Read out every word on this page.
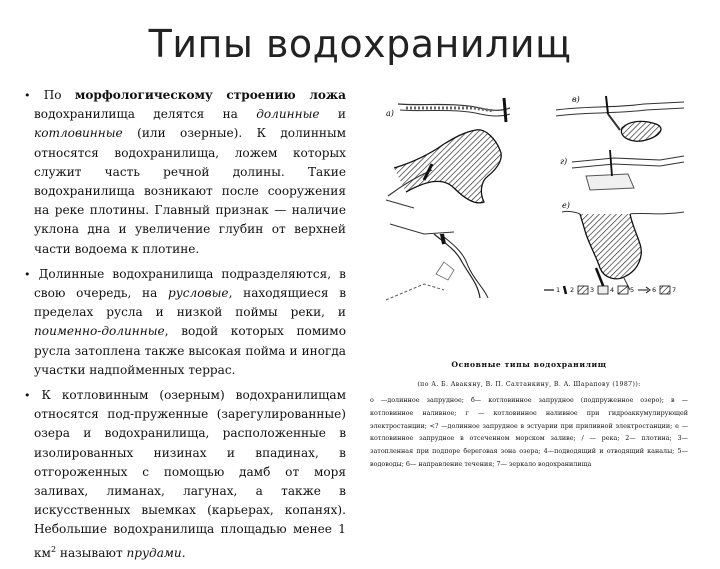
Типы водохранилищ

• По морфологическому строению ложа водохранилища делятся на долинные и котловинные (или озерные). К долинным относятся водохранилища, ложем которых служит часть речной долины. Такие водохранилища возникают после сооружения на реке плотины. Главный признак — наличие уклона дна и увеличение глубин от верхней части водоема к плотине.

• Долинные водохранилища подразделяются, в свою очередь, на русловые, находящиеся в пределах русла и низкой поймы реки, и поименно-долинные, водой которых помимо русла затоплена также высокая пойма и иногда участки надпойменных террас.

• К котловинным (озерным) водохранилищам относятся под-пруженные (зарегулированные) озера и водохранилища, расположенные в изолированных низинах и впадинах, в отгороженных с помощью дамб от моря заливах, лиманах, лагунах, а также в искусственных выемках (карьерах, копанях). Небольшие водохранилища площадью менее 1 $км^2$ называют прудами.

а)
в)
г)
е)
1 2 3 4 5	6 7
Основные типы водохранилищ
(по А. Б. Авакяну, В. П. Салтанкину, В. А. Шарапову (1987)):
о —долинное запрудное; б— котловинное запрудное (подпруженное озеро); в — котловинное наливное; г — котловинное наливное при гидроаккумулирующей электростанции; <? —долинное запрудное в эстуарии при приливной электростанции; е — котловинное запрудное в отсеченном морском заливе; / — река; 2— плотина; 3— затопленная при подпоре береговая зона озера; 4—подводящий и отводящий каналы; 5—водоводы; 6— направление течения; 7— зеркало водохранилища
